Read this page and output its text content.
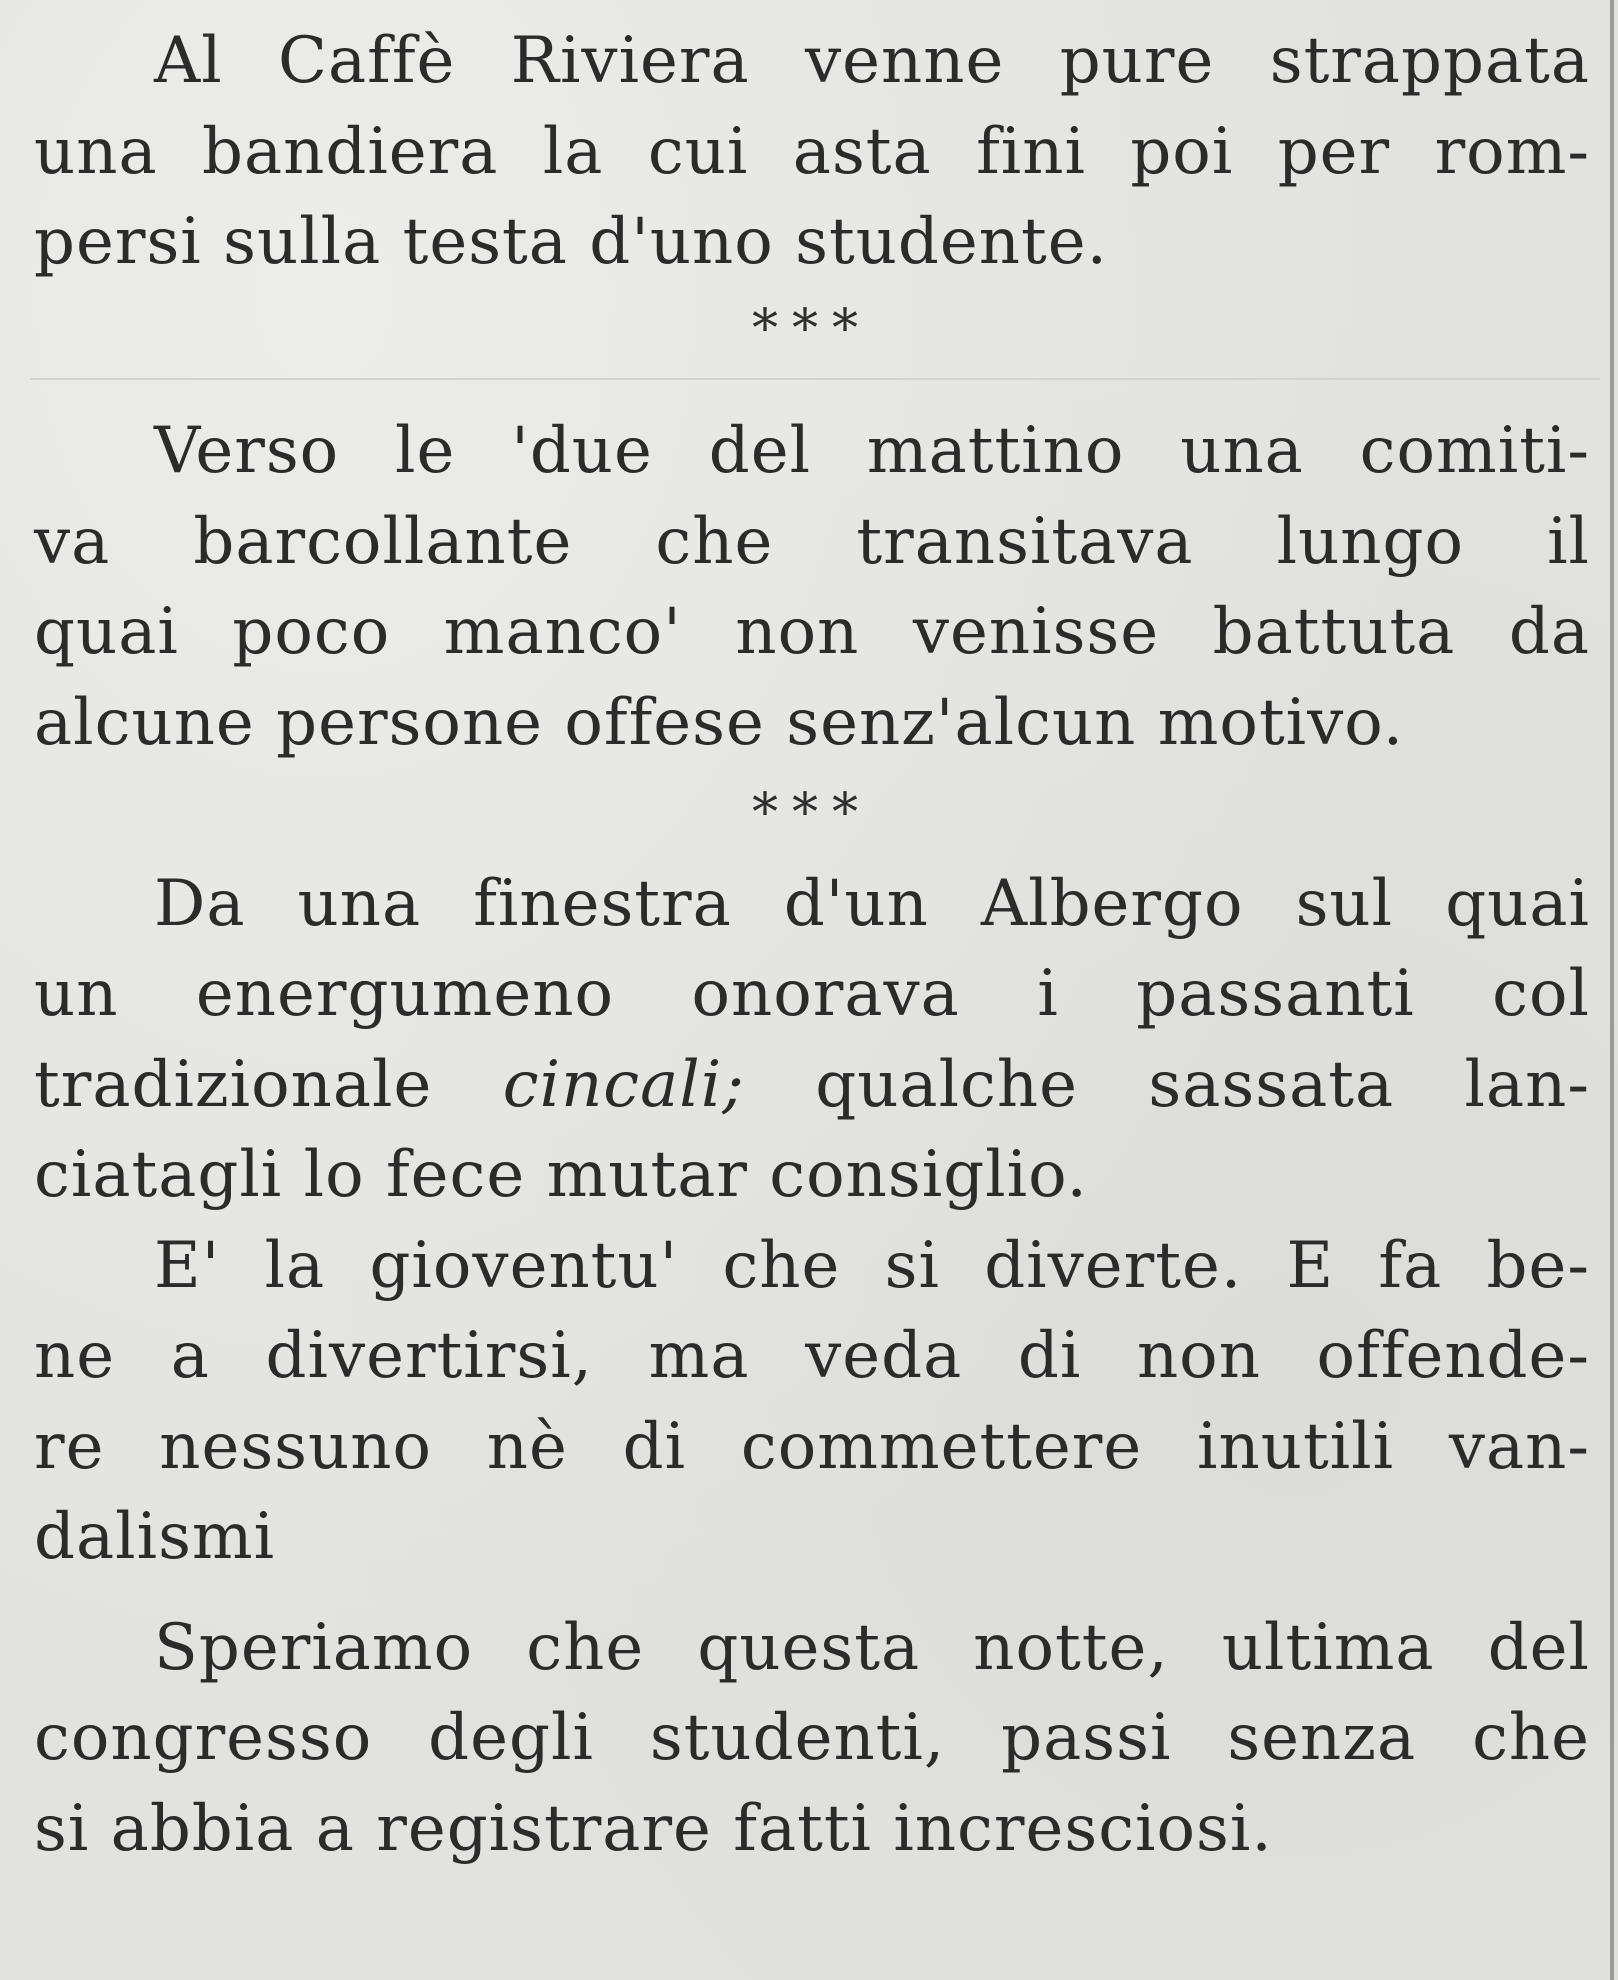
Al Caffè Riviera venne pure strappata
una bandiera la cui asta fini poi per rom-
persi sulla testa d'uno studente.

***

Verso le 'due del mattino una comiti-
va barcollante che transitava lungo il
quai poco manco' non venisse battuta da
alcune persone offese senz'alcun motivo.

***

Da una finestra d'un Albergo sul quai
un energumeno onorava i passanti col
tradizionale cincali; qualche sassata lan-
ciatagli lo fece mutar consiglio.

E' la gioventu' che si diverte. E fa be-
ne a divertirsi, ma veda di non offende-
re nessuno nè di commettere inutili van-
dalismi

Speriamo che questa notte, ultima del
congresso degli studenti, passi senza che
si abbia a registrare fatti incresciosi.
